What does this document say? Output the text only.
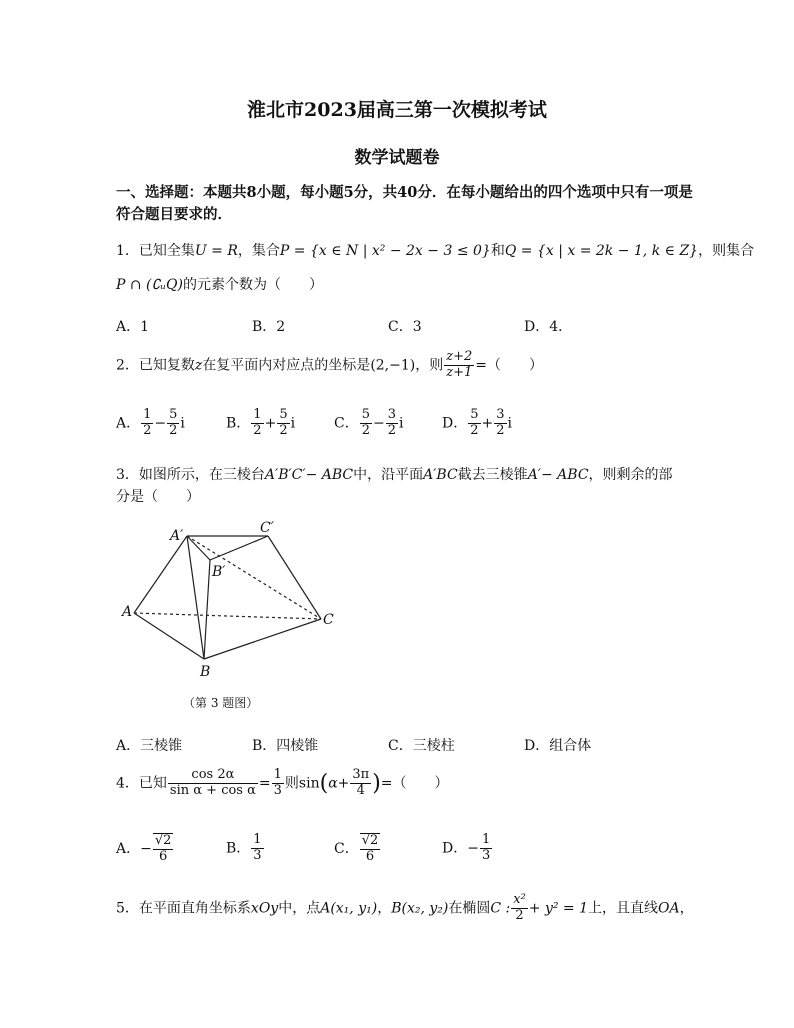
淮北市2023届高三第一次模拟考试
数学试题卷
一、选择题：本题共8小题，每小题5分，共40分．在每小题给出的四个选项中只有一项是
符合题目要求的．
1．已知全集U = R，集合P = {x ∈ N | x² − 2x − 3 ≤ 0}和Q = {x | x = 2k − 1, k ∈ Z}，则集合
P ∩ (∁ᵤQ)的元素个数为（　　）
A．1	B．2	C．3	D．4．
2．已知复数z在复平面内对应点的坐标是(2,−1)，则 $\frac{z+2}{z+1}$ =（　　）
A． $\frac{1}{2} - \frac{5}{2}$ i	B． $\frac{1}{2} + \frac{5}{2}$ i	C． $\frac{5}{2} - \frac{3}{2}$ i	D． $\frac{5}{2} + \frac{3}{2}$ i
3．如图所示，在三棱台A′B′C′− ABC中，沿平面A′BC截去三棱锥A′− ABC，则剩余的部
分是（　　）
A′	C′
B′
A
B
C
（第 3 题图）
A．三棱锥	B．四棱锥	C．三棱柱	D．组合体
4．已知 $\frac{\cos 2\alpha}{\text{sin α + cos α}} = \frac{1}{3}$ 则$\sin(\alpha+ \frac{3\pi}{4}$ )=（　　）
A．− $\frac{√2}{6}$	B． $\frac{1}{3}$	C． $\frac{√2}{6}$	D．− $\frac{1}{3}$
5．在平面直角坐标系xOy中，点A(x₁, y₁)，B(x₂, y₂)在椭圆C : $\frac{\text{x²}}{2} + y^2 = 1$上，且直线OA，
